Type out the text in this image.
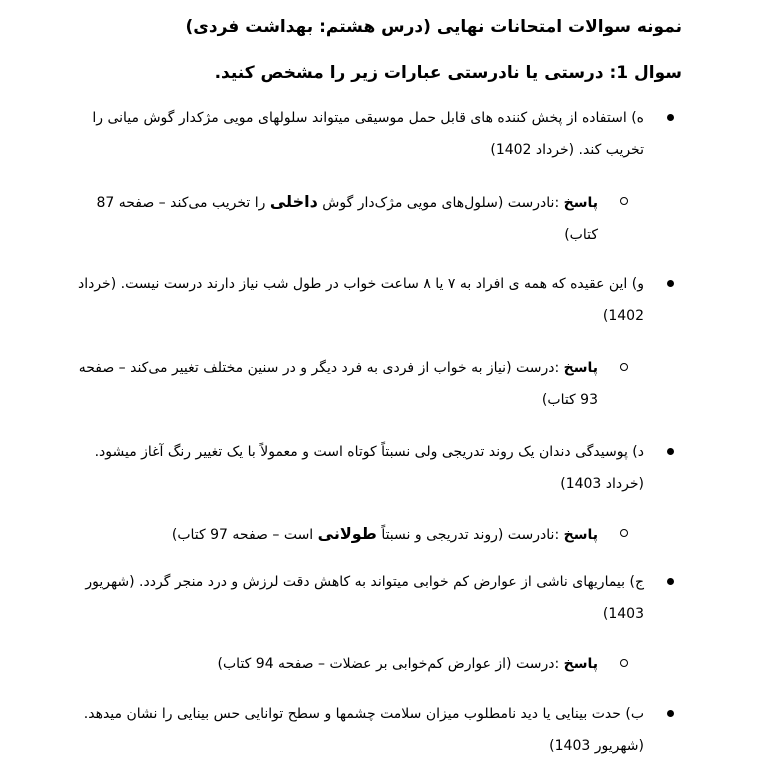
نمونه سوالات امتحانات نهایی (درس هشتم: بهداشت فردی)
سوال 1: درستی یا نادرستی عبارات زیر را مشخص کنید.
ه) استفاده از پخش کننده های قابل حمل موسیقی میتواند سلولهای مویی مژکدار گوش میانی را تخریب کند. (خرداد 1402)
پاسخ :نادرست (سلول‌های مویی مژک‌دار گوش داخلی را تخریب می‌کند – صفحه 87 کتاب)
و) این عقیده که همه ی افراد به ۷ یا ۸ ساعت خواب در طول شب نیاز دارند درست نیست. (خرداد 1402)
پاسخ :درست (نیاز به خواب از فردی به فرد دیگر و در سنین مختلف تغییر می‌کند – صفحه 93 کتاب)
د) پوسیدگی دندان یک روند تدریجی ولی نسبتاً کوتاه است و معمولاً با یک تغییر رنگ آغاز میشود. (خرداد 1403)
پاسخ :نادرست (روند تدریجی و نسبتاً طولانی است – صفحه 97 کتاب)
ج) بیماریهای ناشی از عوارض کم خوابی میتواند به کاهش دقت لرزش و درد منجر گردد. (شهریور 1403)
پاسخ :درست (از عوارض کم‌خوابی بر عضلات – صفحه 94 کتاب)
ب) حدت بینایی یا دید نامطلوب میزان سلامت چشمها و سطح توانایی حس بینایی را نشان میدهد. (شهریور 1403)
